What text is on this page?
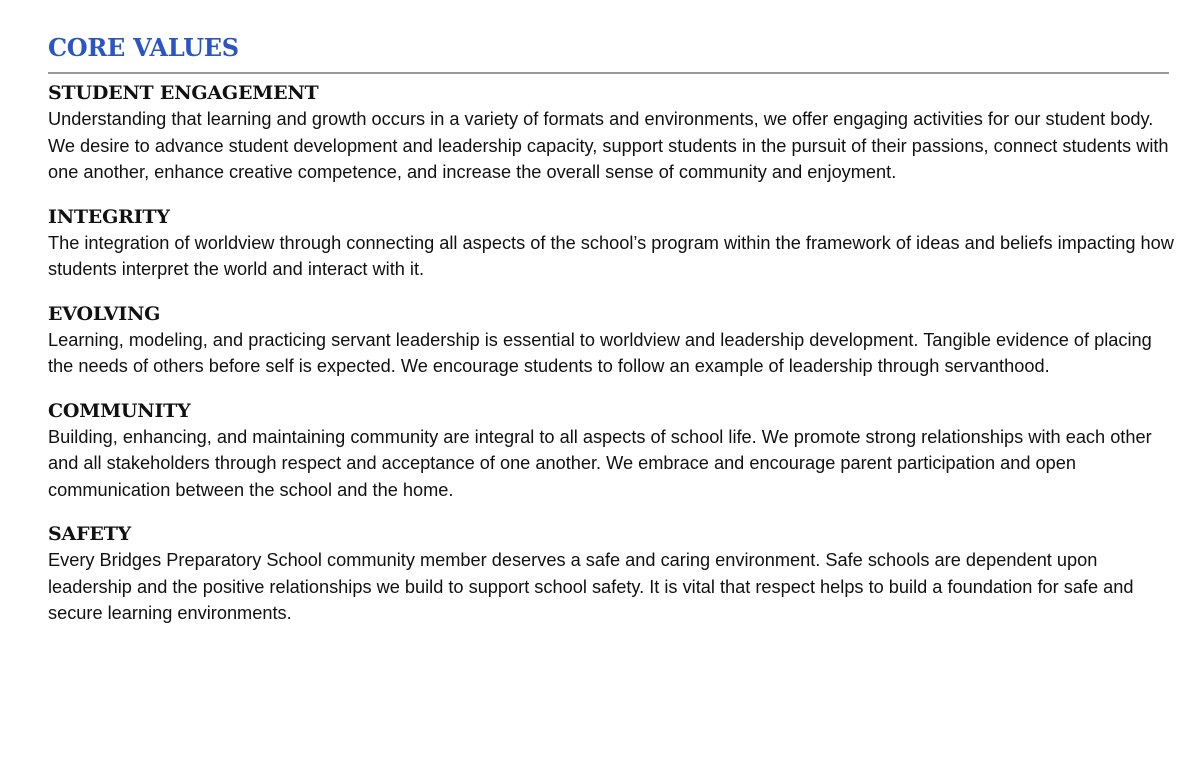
CORE VALUES
STUDENT ENGAGEMENT

Understanding that learning and growth occurs in a variety of formats and environments, we offer engaging activities for our student body. We desire to advance student development and leadership capacity, support students in the pursuit of their passions, connect students with one another, enhance creative competence, and increase the overall sense of community and enjoyment.

INTEGRITY

The integration of worldview through connecting all aspects of the school’s program within the framework of ideas and beliefs impacting how students interpret the world and interact with it.

EVOLVING

Learning, modeling, and practicing servant leadership is essential to worldview and leadership development. Tangible evidence of placing the needs of others before self is expected. We encourage students to follow an example of leadership through servanthood.

COMMUNITY

Building, enhancing, and maintaining community are integral to all aspects of school life. We promote strong relationships with each other and all stakeholders through respect and acceptance of one another. We embrace and encourage parent participation and open communication between the school and the home.

SAFETY

Every Bridges Preparatory School community member deserves a safe and caring environment. Safe schools are dependent upon leadership and the positive relationships we build to support school safety. It is vital that respect helps to build a foundation for safe and secure learning environments.
